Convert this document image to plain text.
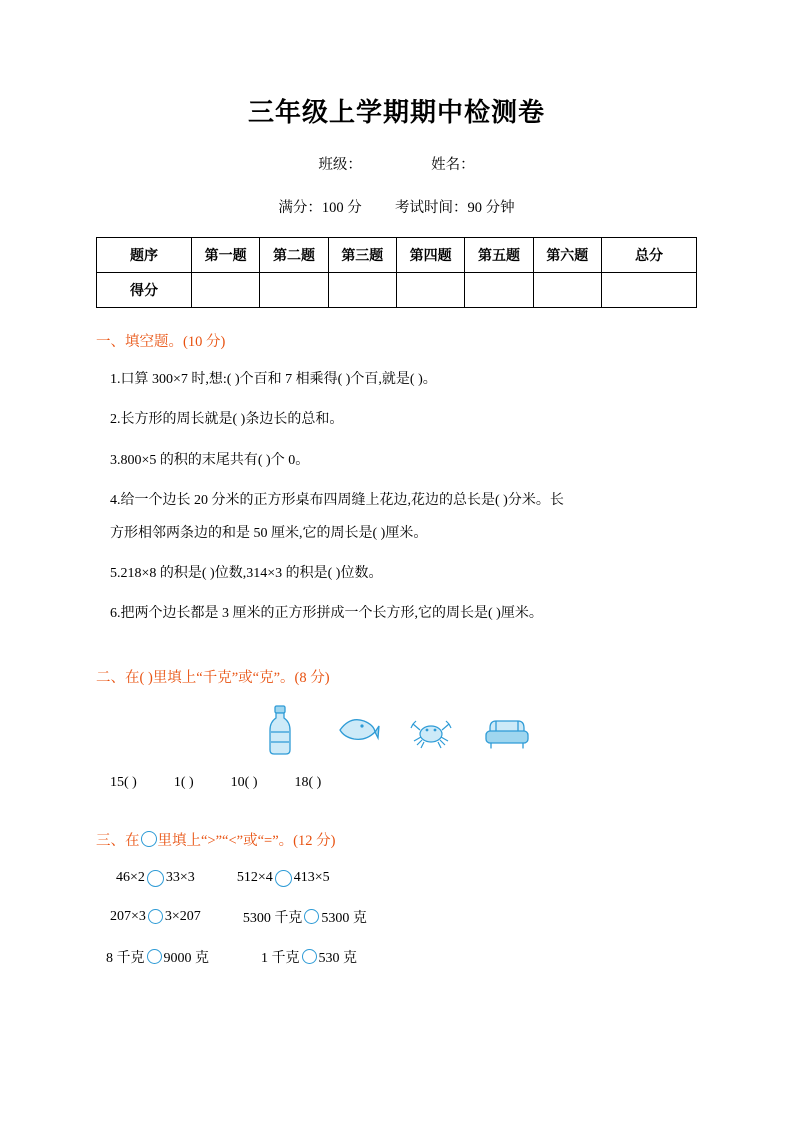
三年级上学期期中检测卷
班级：	姓名：
满分：100 分 考试时间：90 分钟
题序	第一题	第二题	第三题	第四题	第五题	第六题	总分
得分							
一、填空题。(10 分)
1.口算 300×7 时,想:( )个百和 7 相乘得( )个百,就是( )。
2.长方形的周长就是( )条边长的总和。
3.800×5 的积的末尾共有( )个 0。
4.给一个边长 20 分米的正方形桌布四周缝上花边,花边的总长是( )分米。长
方形相邻两条边的和是 50 厘米,它的周长是( )厘米。
5.218×8 的积是( )位数,314×3 的积是( )位数。
6.把两个边长都是 3 厘米的正方形拼成一个长方形,它的周长是( )厘米。
二、在( )里填上“千克”或“克”。(8 分)
15( )	1( )	10( )	18( )
三、在 里填上“>”“<”或“=”。(12 分)
46×2 33×3	512×4 413×5
207×3 3×207	5300 千克 5300 克
8 千克 9000 克	1 千克 530 克
